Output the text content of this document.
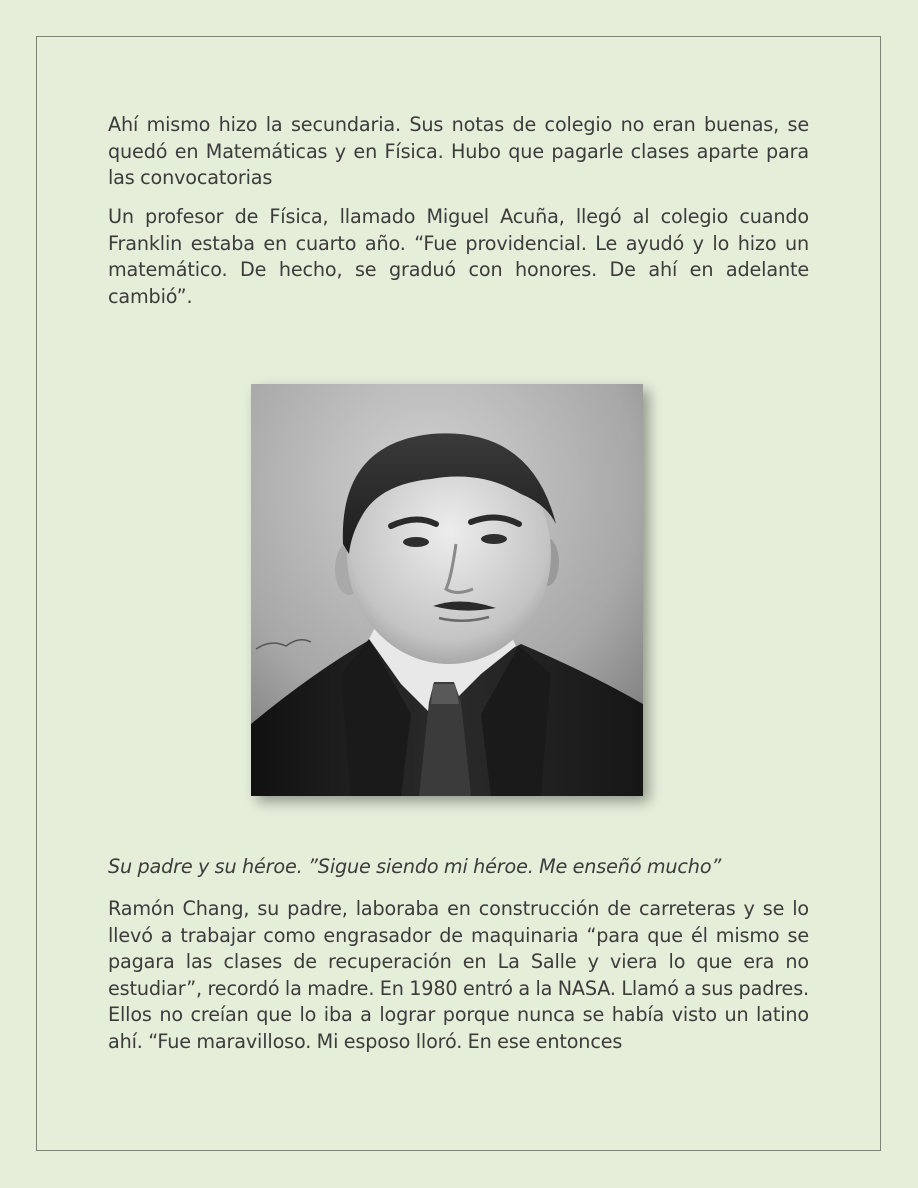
Ahí mismo hizo la secundaria. Sus notas de colegio no eran buenas, se quedó en Matemáticas y en Física. Hubo que pagarle clases aparte para las convocatorias

Un profesor de Física, llamado Miguel Acuña, llegó al colegio cuando Franklin estaba en cuarto año. “Fue providencial. Le ayudó y lo hizo un matemático. De hecho, se graduó con honores. De ahí en adelante cambió”.

Su padre y su héroe. ”Sigue siendo mi héroe. Me enseñó mucho”

Ramón Chang, su padre, laboraba en construcción de carreteras y se lo llevó a trabajar como engrasador de maquinaria “para que él mismo se pagara las clases de recuperación en La Salle y viera lo que era no estudiar”, recordó la madre. En 1980 entró a la NASA. Llamó a sus padres. Ellos no creían que lo iba a lograr porque nunca se había visto un latino ahí. “Fue maravilloso. Mi esposo lloró. En ese entonces
